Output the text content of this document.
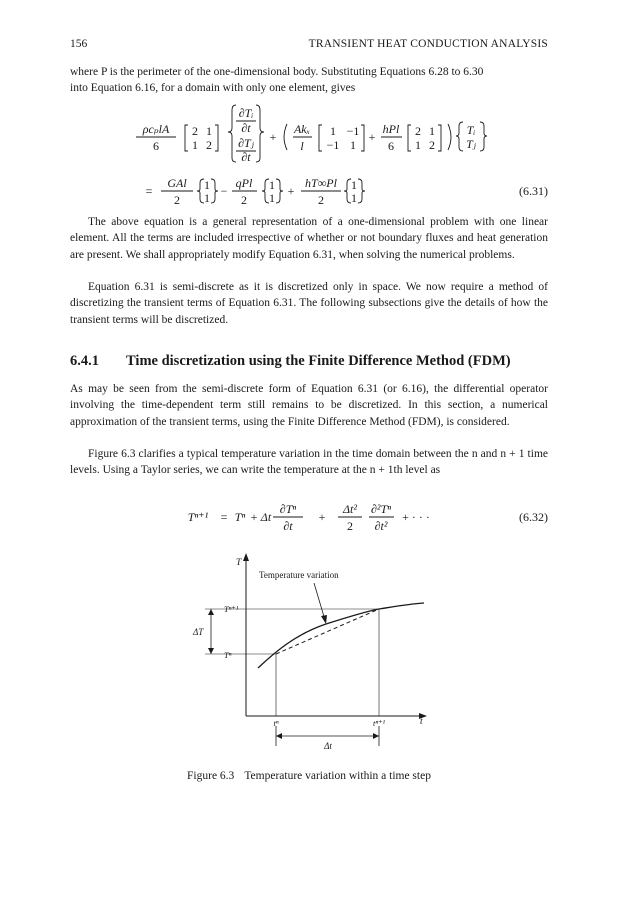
156	TRANSIENT HEAT CONDUCTION ANALYSIS

where P is the perimeter of the one-dimensional body. Substituting Equations 6.28 to 6.30
into Equation 6.16, for a domain with only one element, gives

ρcₚlA
6
2 1
1 2
∂Tᵢ
∂t
∂Tⱼ
∂t
+
Akₓ
l
1 −1
−1 1
+
hPl
6
2 1
1 2
Tᵢ
Tⱼ
=
GAl
2
1
1 −
qPl
2
1
1 +
hT∞Pl
2
1
1	(6.31)

The above equation is a general representation of a one-dimensional problem with one linear element. All the terms are included irrespective of whether or not boundary fluxes and heat generation are present. We shall appropriately modify Equation 6.31, when solving the numerical problems.

Equation 6.31 is semi-discrete as it is discretized only in space. We now require a method of discretizing the transient terms of Equation 6.31. The following subsections give the details of how the transient terms will be discretized.

6.4.1 Time discretization using the Finite Difference Method (FDM)

As may be seen from the semi-discrete form of Equation 6.31 (or 6.16), the differential operator involving the time-dependent term still remains to be discretized. In this section, a numerical approximation of the transient terms, using the Finite Difference Method (FDM), is considered.

Figure 6.3 clarifies a typical temperature variation in the time domain between the n and n + 1 time levels. Using a Taylor series, we can write the temperature at the n + 1th level as

Tⁿ⁺¹ = Tⁿ + Δt
∂Tⁿ
∂t
+
Δt²
2
∂²Tⁿ
∂t²
+ · · ·	(6.32)
T
t
Temperature variation
Tⁿ⁺¹
Tⁿ
ΔT
tⁿ	tⁿ⁺¹
Δt

Figure 6.3 Temperature variation within a time step
